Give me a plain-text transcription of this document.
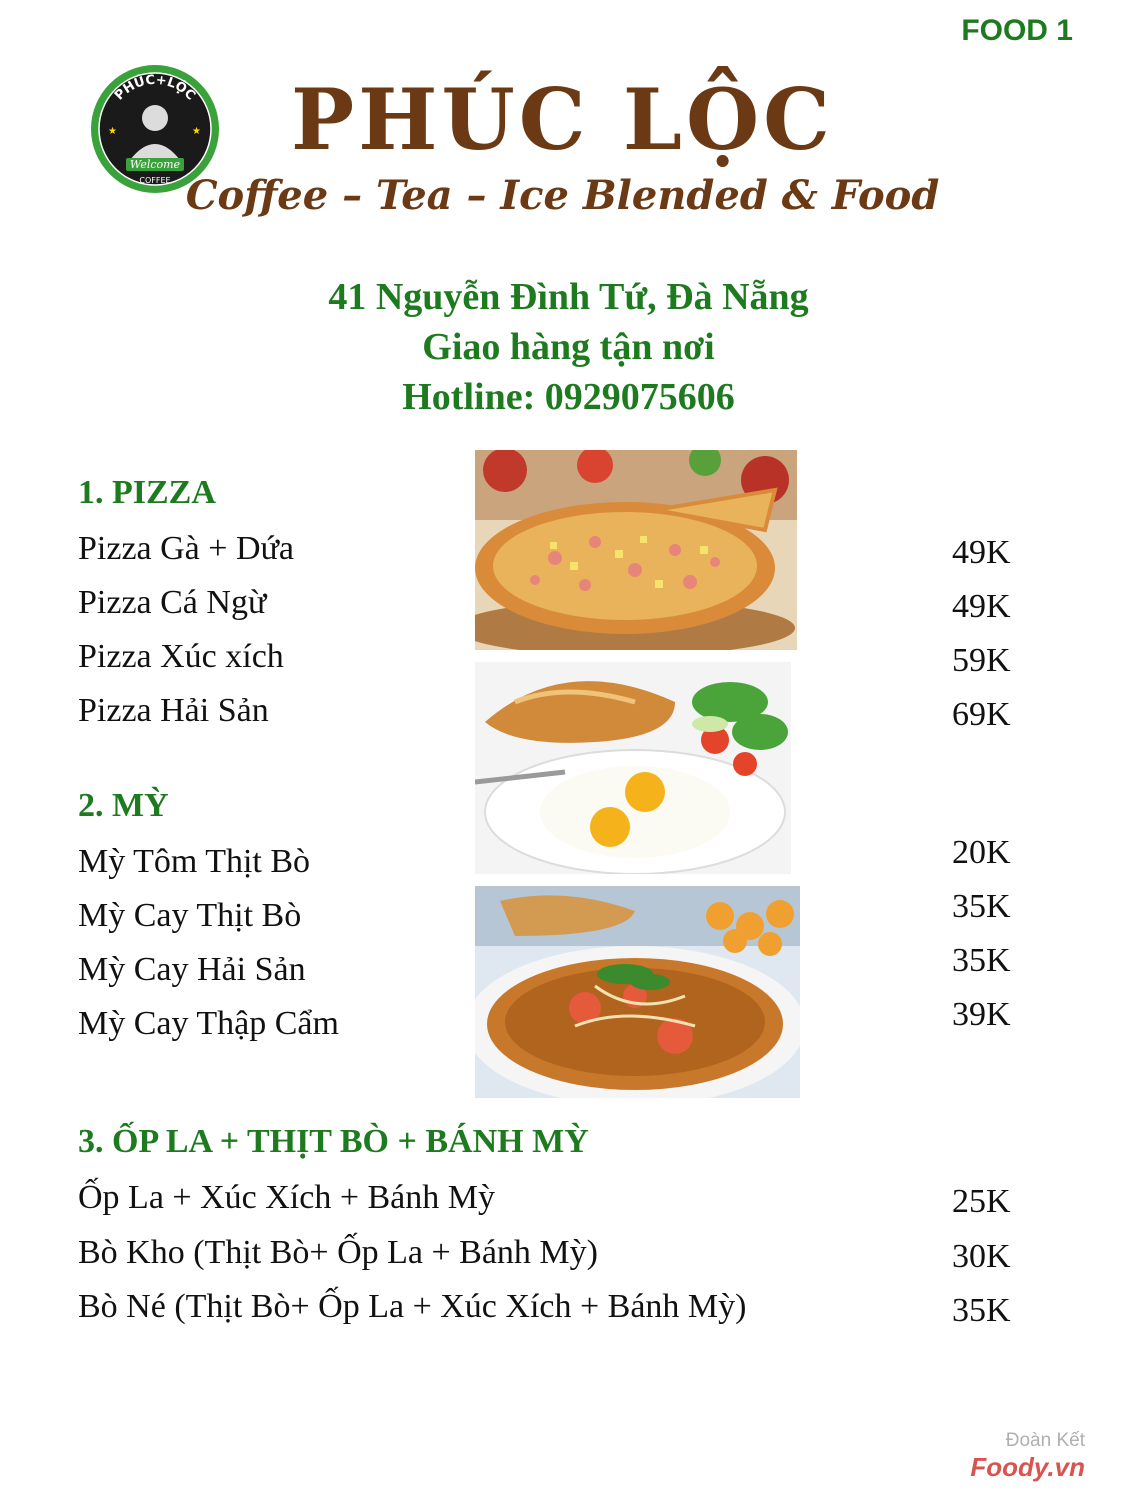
FOOD 1
PHÚC+LỘC
Welcome
COFFEE
★	★	PHÚC LỘC
Coffee – Tea – Ice Blended & Food
41 Nguyễn Đình Tứ, Đà Nẵng
Giao hàng tận nơi
Hotline: 0929075606
1. PIZZA
Pizza Gà + Dứa	49K
Pizza Cá Ngừ	49K
Pizza Xúc xích	59K
Pizza Hải Sản	69K
2. MỲ
Mỳ Tôm Thịt Bò	20K
Mỳ Cay Thịt Bò	35K
Mỳ Cay Hải Sản	35K
Mỳ Cay Thập Cẩm	39K
3. ỐP LA + THỊT BÒ + BÁNH MỲ
Ốp La + Xúc Xích + Bánh Mỳ	25K
Bò Kho (Thịt Bò+ Ốp La + Bánh Mỳ)	30K
Bò Né (Thịt Bò+ Ốp La + Xúc Xích + Bánh Mỳ)	35K
Đoàn Kết
Foody.vn
